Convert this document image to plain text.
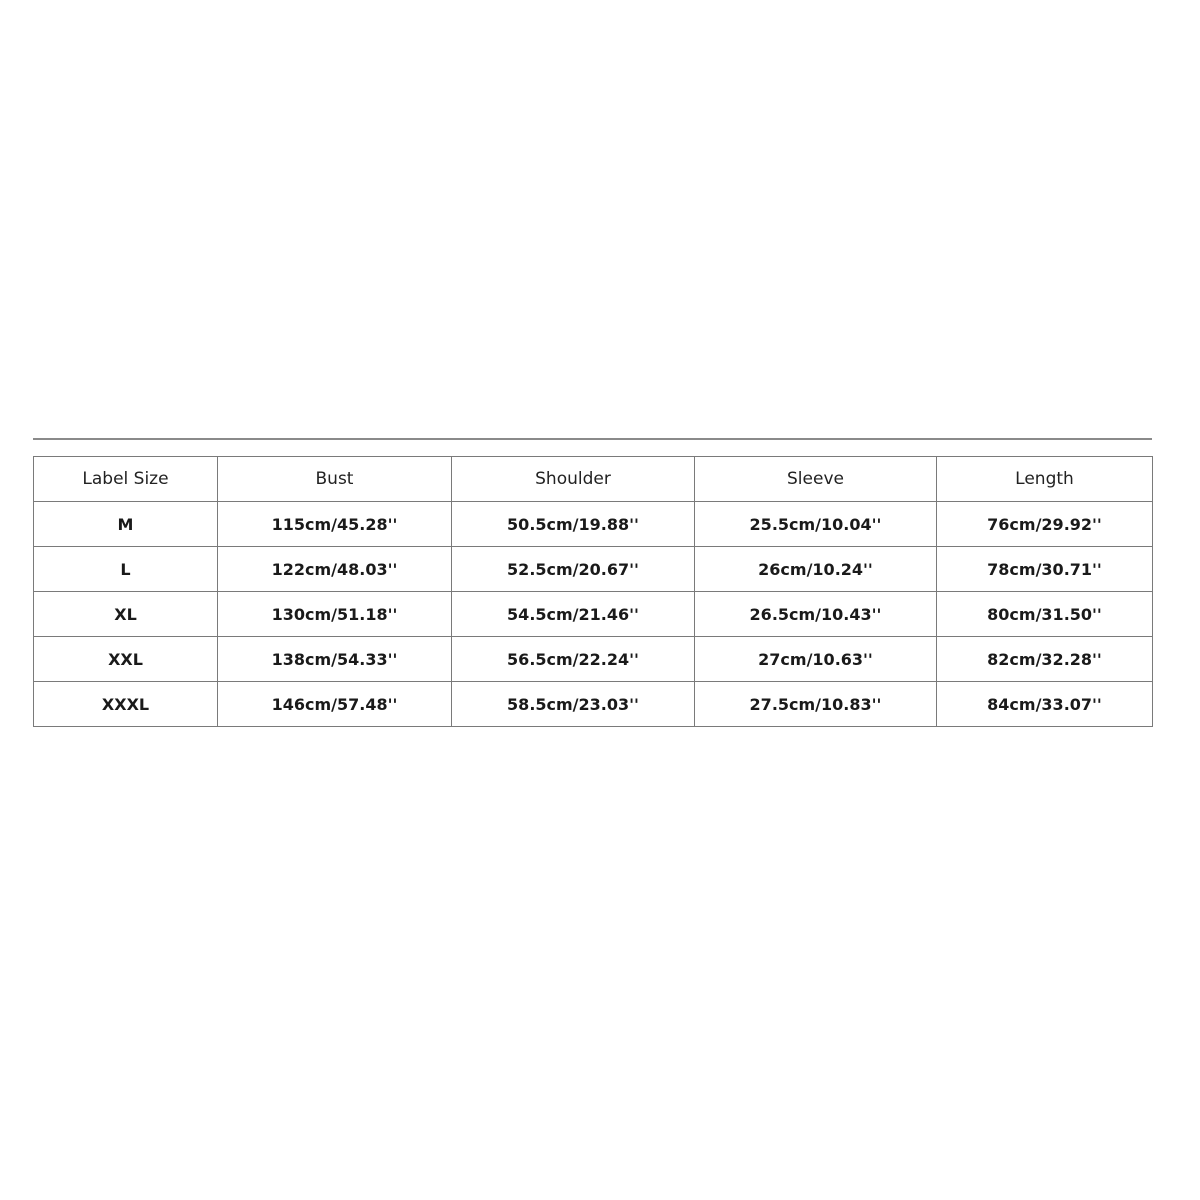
Label Size	Bust	Shoulder	Sleeve	Length
M	115cm/45.28''	50.5cm/19.88''	25.5cm/10.04''	76cm/29.92''
L	122cm/48.03''	52.5cm/20.67''	26cm/10.24''	78cm/30.71''
XL	130cm/51.18''	54.5cm/21.46''	26.5cm/10.43''	80cm/31.50''
XXL	138cm/54.33''	56.5cm/22.24''	27cm/10.63''	82cm/32.28''
XXXL	146cm/57.48''	58.5cm/23.03''	27.5cm/10.83''	84cm/33.07''
